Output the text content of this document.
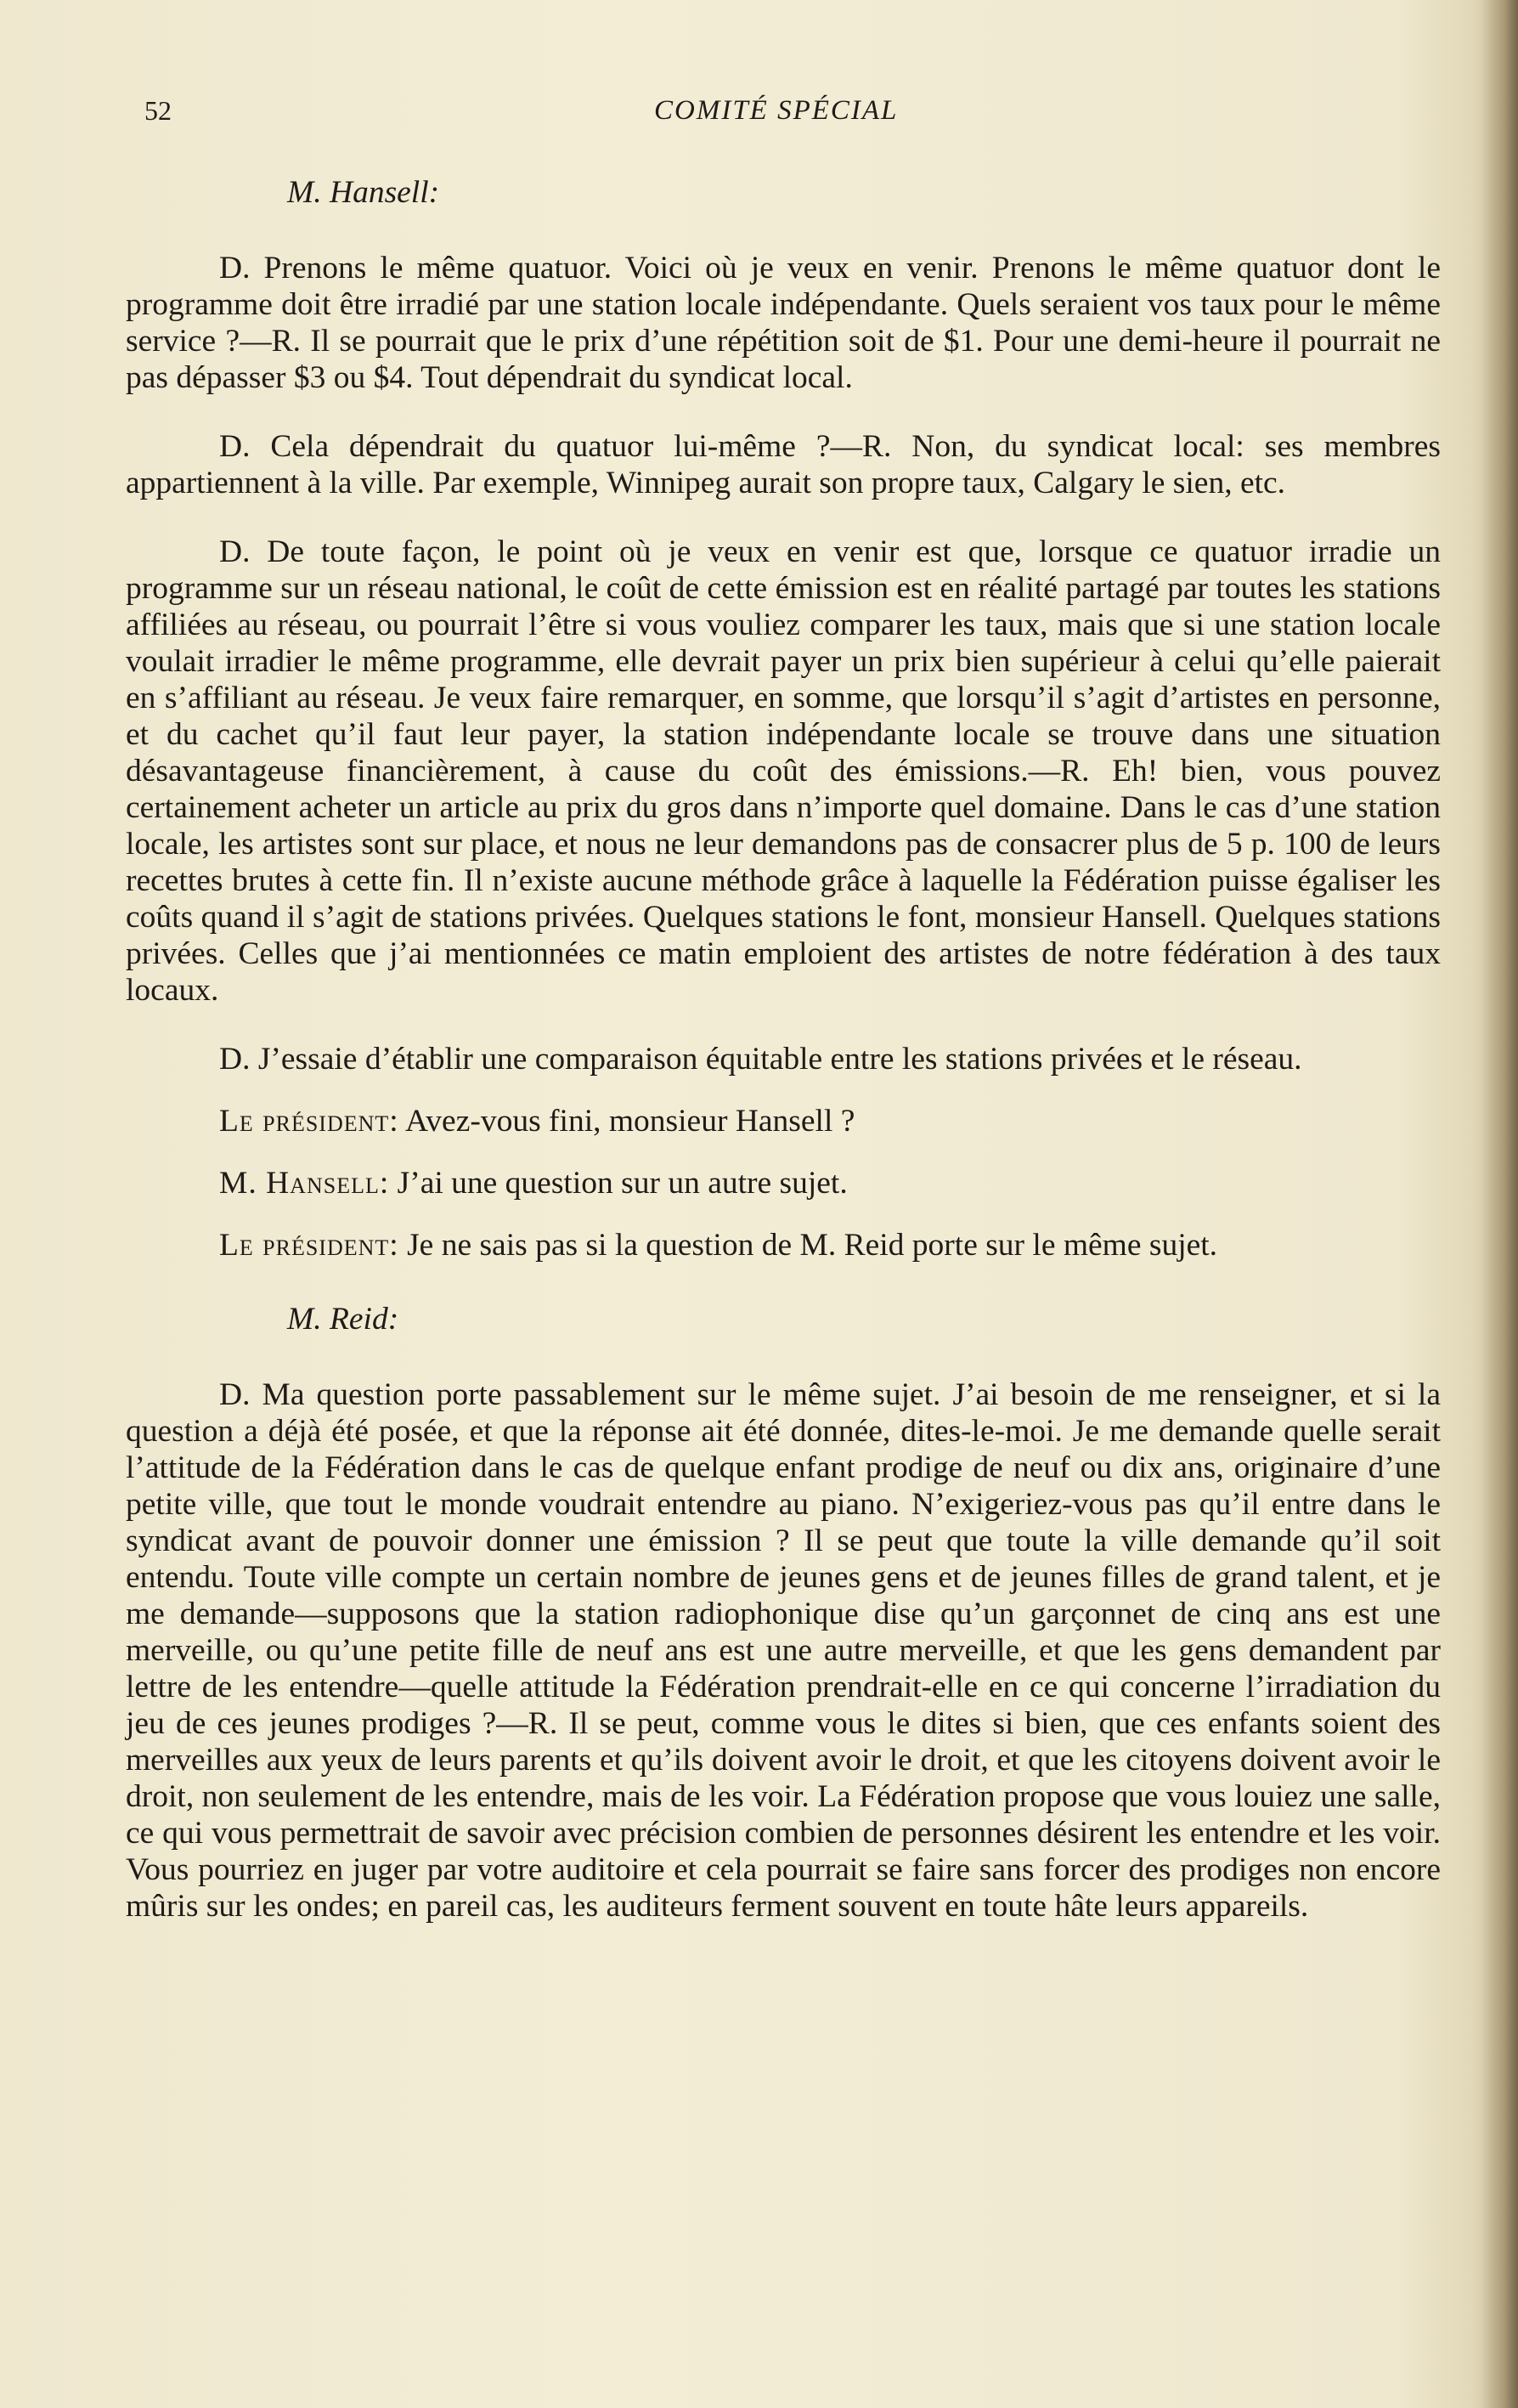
52	COMITÉ SPÉCIAL
M. Hansell:

D. Prenons le même quatuor. Voici où je veux en venir. Prenons le même quatuor dont le programme doit être irradié par une station locale indépendante. Quels seraient vos taux pour le même service ?—R. Il se pourrait que le prix d’une répétition soit de $1. Pour une demi-heure il pourrait ne pas dépasser $3 ou $4. Tout dépendrait du syndicat local.

D. Cela dépendrait du quatuor lui-même ?—R. Non, du syndicat local: ses membres appartiennent à la ville. Par exemple, Winnipeg aurait son propre taux, Calgary le sien, etc.

D. De toute façon, le point où je veux en venir est que, lorsque ce quatuor irradie un programme sur un réseau national, le coût de cette émission est en réalité partagé par toutes les stations affiliées au réseau, ou pourrait l’être si vous vouliez comparer les taux, mais que si une station locale voulait irradier le même programme, elle devrait payer un prix bien supérieur à celui qu’elle paierait en s’affiliant au réseau. Je veux faire remarquer, en somme, que lorsqu’il s’agit d’artistes en personne, et du cachet qu’il faut leur payer, la station indépendante locale se trouve dans une situation désavantageuse financièrement, à cause du coût des émissions.—R. Eh! bien, vous pouvez certainement acheter un article au prix du gros dans n’importe quel domaine. Dans le cas d’une station locale, les artistes sont sur place, et nous ne leur demandons pas de consacrer plus de 5 p. 100 de leurs recettes brutes à cette fin. Il n’existe aucune méthode grâce à laquelle la Fédération puisse égaliser les coûts quand il s’agit de stations privées. Quelques stations le font, monsieur Hansell. Quelques stations privées. Celles que j’ai mentionnées ce matin emploient des artistes de notre fédération à des taux locaux.

D. J’essaie d’établir une comparaison équitable entre les stations privées et le réseau.

Le président: Avez-vous fini, monsieur Hansell ?

M. Hansell: J’ai une question sur un autre sujet.

Le président: Je ne sais pas si la question de M. Reid porte sur le même sujet.

M. Reid:

D. Ma question porte passablement sur le même sujet. J’ai besoin de me renseigner, et si la question a déjà été posée, et que la réponse ait été donnée, dites-le-moi. Je me demande quelle serait l’attitude de la Fédération dans le cas de quelque enfant prodige de neuf ou dix ans, originaire d’une petite ville, que tout le monde voudrait entendre au piano. N’exigeriez-vous pas qu’il entre dans le syndicat avant de pouvoir donner une émission ? Il se peut que toute la ville demande qu’il soit entendu. Toute ville compte un certain nombre de jeunes gens et de jeunes filles de grand talent, et je me demande—supposons que la station radiophonique dise qu’un garçonnet de cinq ans est une merveille, ou qu’une petite fille de neuf ans est une autre merveille, et que les gens demandent par lettre de les entendre—quelle attitude la Fédération prendrait-elle en ce qui concerne l’irradiation du jeu de ces jeunes prodiges ?—R. Il se peut, comme vous le dites si bien, que ces enfants soient des merveilles aux yeux de leurs parents et qu’ils doivent avoir le droit, et que les citoyens doivent avoir le droit, non seulement de les entendre, mais de les voir. La Fédération propose que vous louiez une salle, ce qui vous permettrait de savoir avec précision combien de personnes désirent les entendre et les voir. Vous pourriez en juger par votre auditoire et cela pourrait se faire sans forcer des prodiges non encore mûris sur les ondes; en pareil cas, les auditeurs ferment souvent en toute hâte leurs appareils.
